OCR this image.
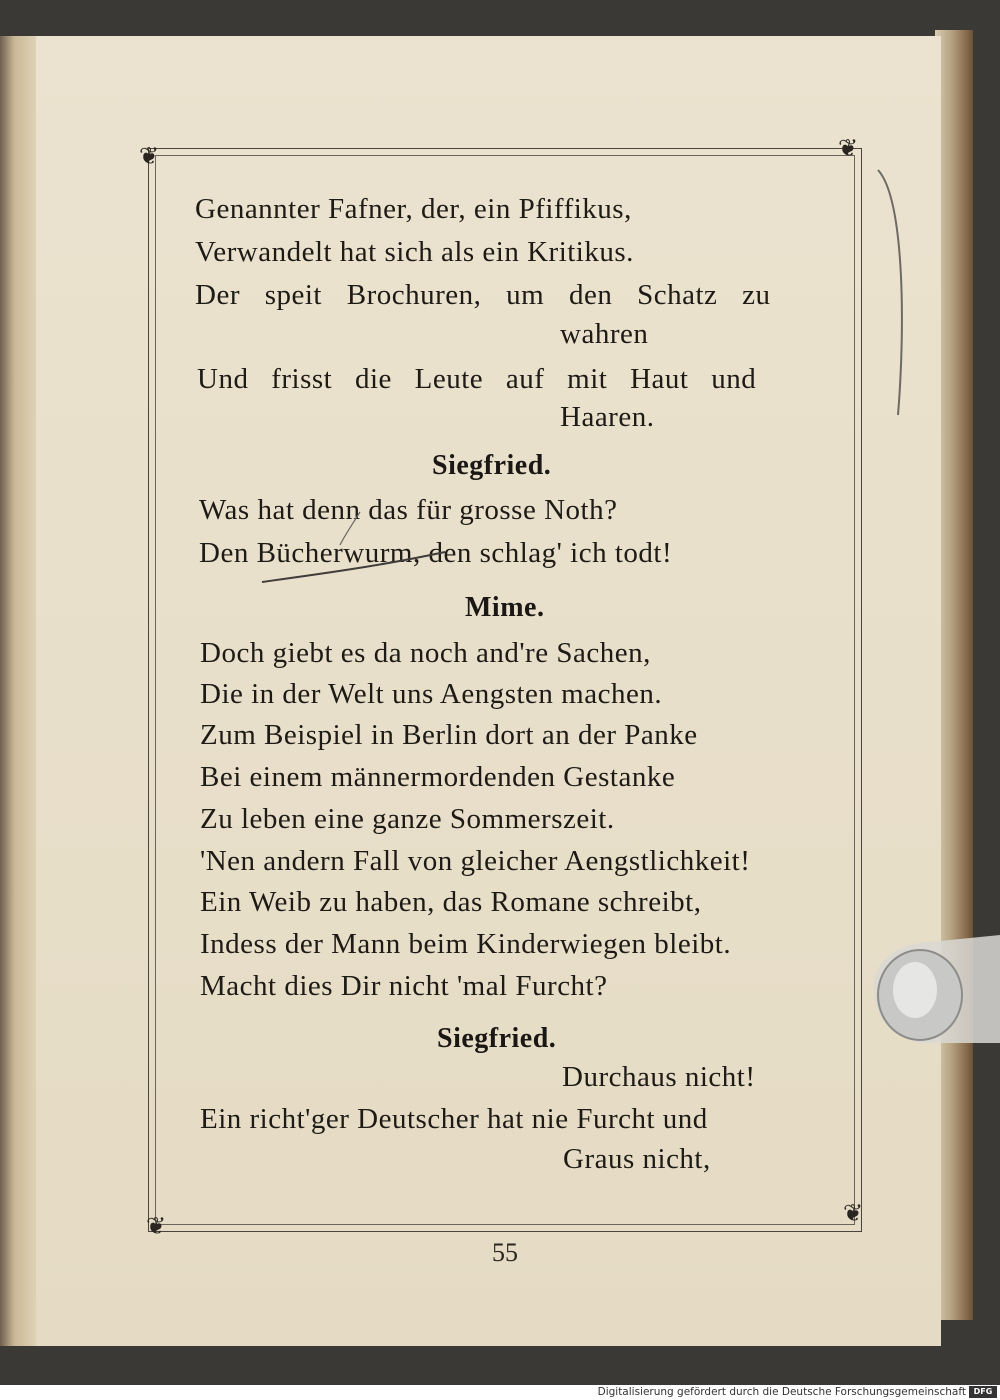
❦	❦
❦	❦

Genannter Fafner, der, ein Pfiffikus,

Verwandelt hat sich als ein Kritikus.

Der speit Brochuren, um den Schatz zu

wahren

Und frisst die Leute auf mit Haut und

Haaren.

Siegfried.

Was hat denn das für grosse Noth?

Den Bücherwurm, den schlag' ich todt!

Mime.

Doch giebt es da noch and're Sachen,

Die in der Welt uns Aengsten machen.

Zum Beispiel in Berlin dort an der Panke

Bei einem männermordenden Gestanke

Zu leben eine ganze Sommerszeit.

'Nen andern Fall von gleicher Aengstlichkeit!

Ein Weib zu haben, das Romane schreibt,

Indess der Mann beim Kinderwiegen bleibt.

Macht dies Dir nicht 'mal Furcht?

Siegfried.

Durchaus nicht!

Ein richt'ger Deutscher hat nie Furcht und

Graus nicht,

55
Digitalisierung gefördert durch die Deutsche Forschungsgemeinschaft DFG
